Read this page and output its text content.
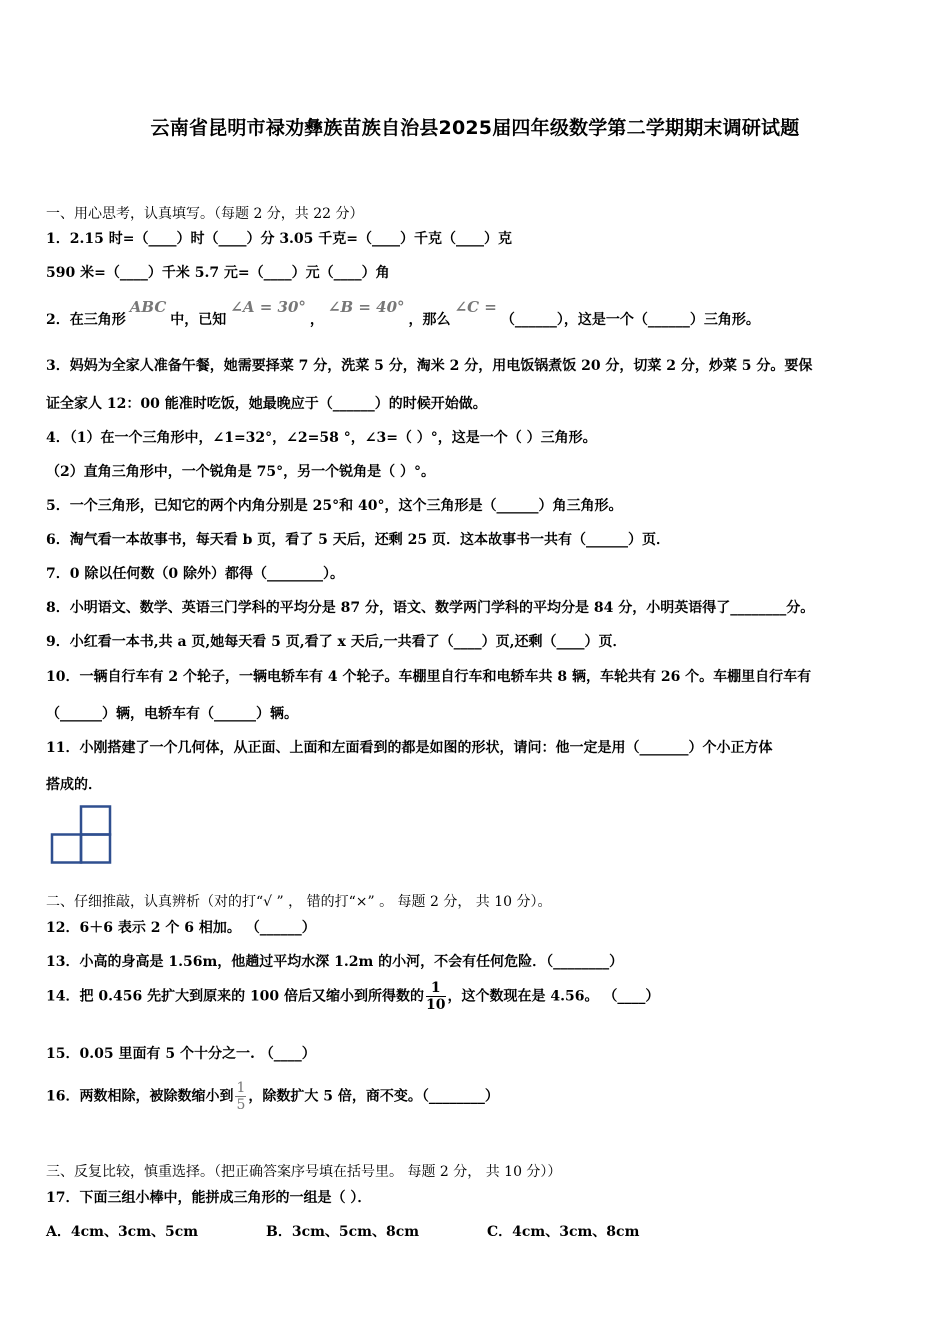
云南省昆明市禄劝彝族苗族自治县2025届四年级数学第二学期期末调研试题
一、用心思考，认真填写。（每题 2 分，共 22 分）
1．2.15 时=（____）时（____）分 3.05 千克=（____）千克（____）克
590 米=（____）千米 5.7 元=（____）元（____）角
2．在三角形ABC中，已知∠A = 30°，∠B = 40°，那么∠C =（______），这是一个（______）三角形。
3．妈妈为全家人准备午餐，她需要择菜 7 分，洗菜 5 分，淘米 2 分，用电饭锅煮饭 20 分，切菜 2 分，炒菜 5 分。要保
证全家人 12：00 能准时吃饭，她最晚应于（______）的时候开始做。
4．（1）在一个三角形中，∠1=32°，∠2=58 °，∠3=（ ）°，这是一个（ ）三角形。
（2）直角三角形中，一个锐角是 75°，另一个锐角是（ ）°。
5．一个三角形，已知它的两个内角分别是 25°和 40°，这个三角形是（______）角三角形。
6．淘气看一本故事书，每天看 b 页，看了 5 天后，还剩 25 页．这本故事书一共有（______）页．
7．0 除以任何数（0 除外）都得（________）。
8．小明语文、数学、英语三门学科的平均分是 87 分，语文、数学两门学科的平均分是 84 分，小明英语得了________分。
9．小红看一本书,共 a 页,她每天看 5 页,看了 x 天后,一共看了（____）页,还剩（____）页．
10．一辆自行车有 2 个轮子，一辆电轿车有 4 个轮子。车棚里自行车和电轿车共 8 辆，车轮共有 26 个。车棚里自行车有
（______）辆，电轿车有（______）辆。
11．小刚搭建了一个几何体，从正面、上面和左面看到的都是如图的形状，请问：他一定是用（_______）个小正方体
搭成的．
二、仔细推敲，认真辨析（对的打“√ ” ， 错的打“×” 。 每题 2 分， 共 10 分）。
12．6＋6 表示 2 个 6 相加。 （______）
13．小高的身高是 1.56m，他趟过平均水深 1.2m 的小河，不会有任何危险．（________）
14．把 0.456 先扩大到原来的 100 倍后又缩小到所得数的 $\frac{1}{10}$ ，这个数现在是 4.56。 （____）
15．0.05 里面有 5 个十分之一. （____）
16．两数相除，被除数缩小到 $\frac{1}{5}$ ，除数扩大 5 倍，商不变。（________）
三、反复比较，慎重选择。（把正确答案序号填在括号里。 每题 2 分， 共 10 分））
17．下面三组小棒中，能拼成三角形的一组是（ ）．
A．4cm、3cm、5cm	B．3cm、5cm、8cm	C．4cm、3cm、8cm
